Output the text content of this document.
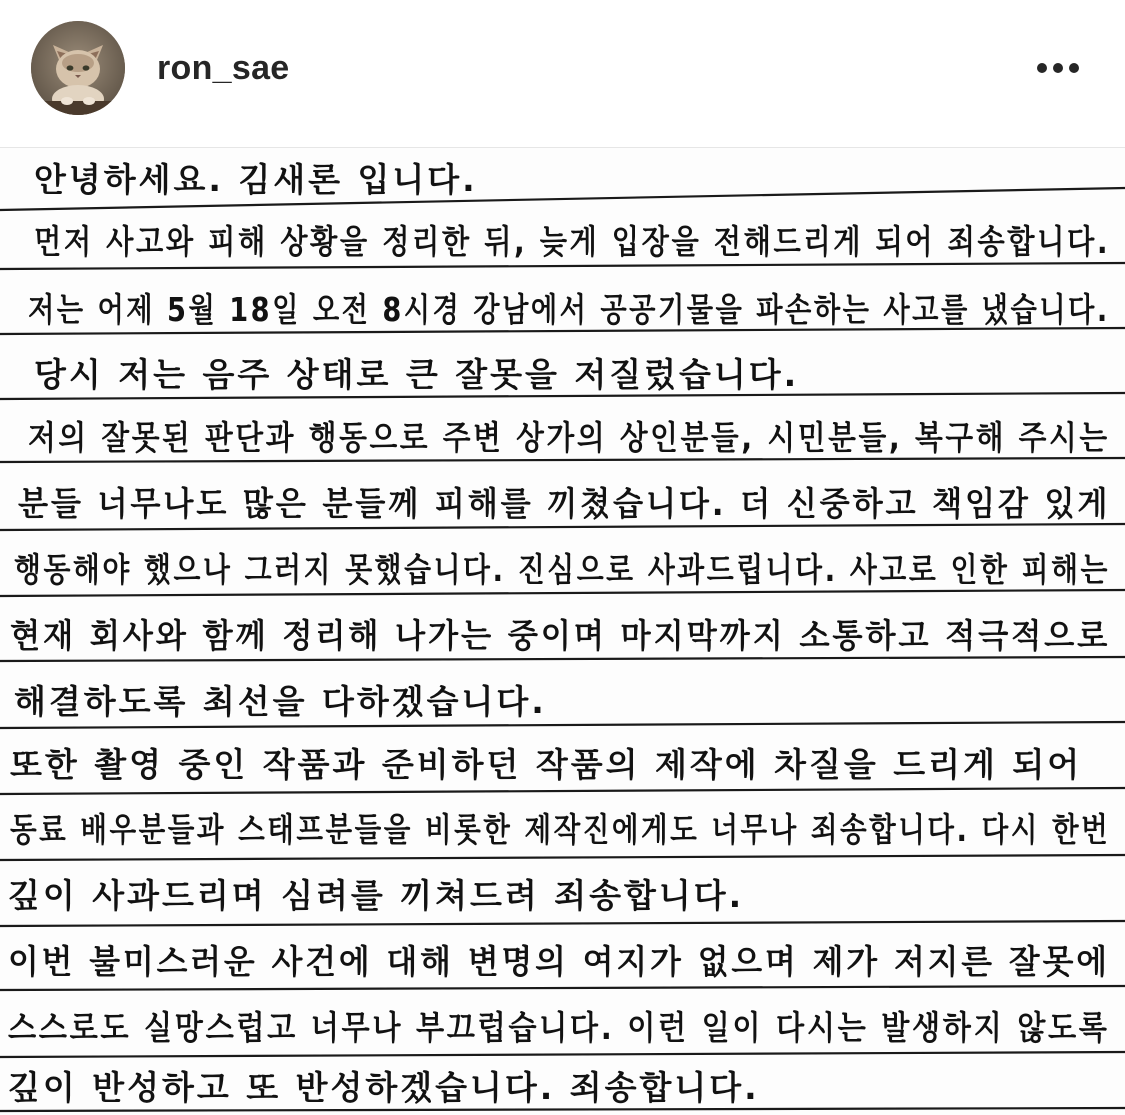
ron_sae
안녕하세요. 김새론 입니다.
먼저 사고와 피해 상황을 정리한 뒤, 늦게 입장을 전해드리게 되어 죄송합니다.
저는 어제 5월 18일 오전 8시경 강남에서 공공기물을 파손하는 사고를 냈습니다.
당시 저는 음주 상태로 큰 잘못을 저질렀습니다.
저의 잘못된 판단과 행동으로 주변 상가의 상인분들, 시민분들, 복구해 주시는
분들 너무나도 많은 분들께 피해를 끼쳤습니다. 더 신중하고 책임감 있게
행동해야 했으나 그러지 못했습니다. 진심으로 사과드립니다. 사고로 인한 피해는
현재 회사와 함께 정리해 나가는 중이며 마지막까지 소통하고 적극적으로
해결하도록 최선을 다하겠습니다.
또한 촬영 중인 작품과 준비하던 작품의 제작에 차질을 드리게 되어
동료 배우분들과 스태프분들을 비롯한 제작진에게도 너무나 죄송합니다. 다시 한번
깊이 사과드리며 심려를 끼쳐드려 죄송합니다.
이번 불미스러운 사건에 대해 변명의 여지가 없으며 제가 저지른 잘못에
스스로도 실망스럽고 너무나 부끄럽습니다. 이런 일이 다시는 발생하지 않도록
깊이 반성하고 또 반성하겠습니다. 죄송합니다.
